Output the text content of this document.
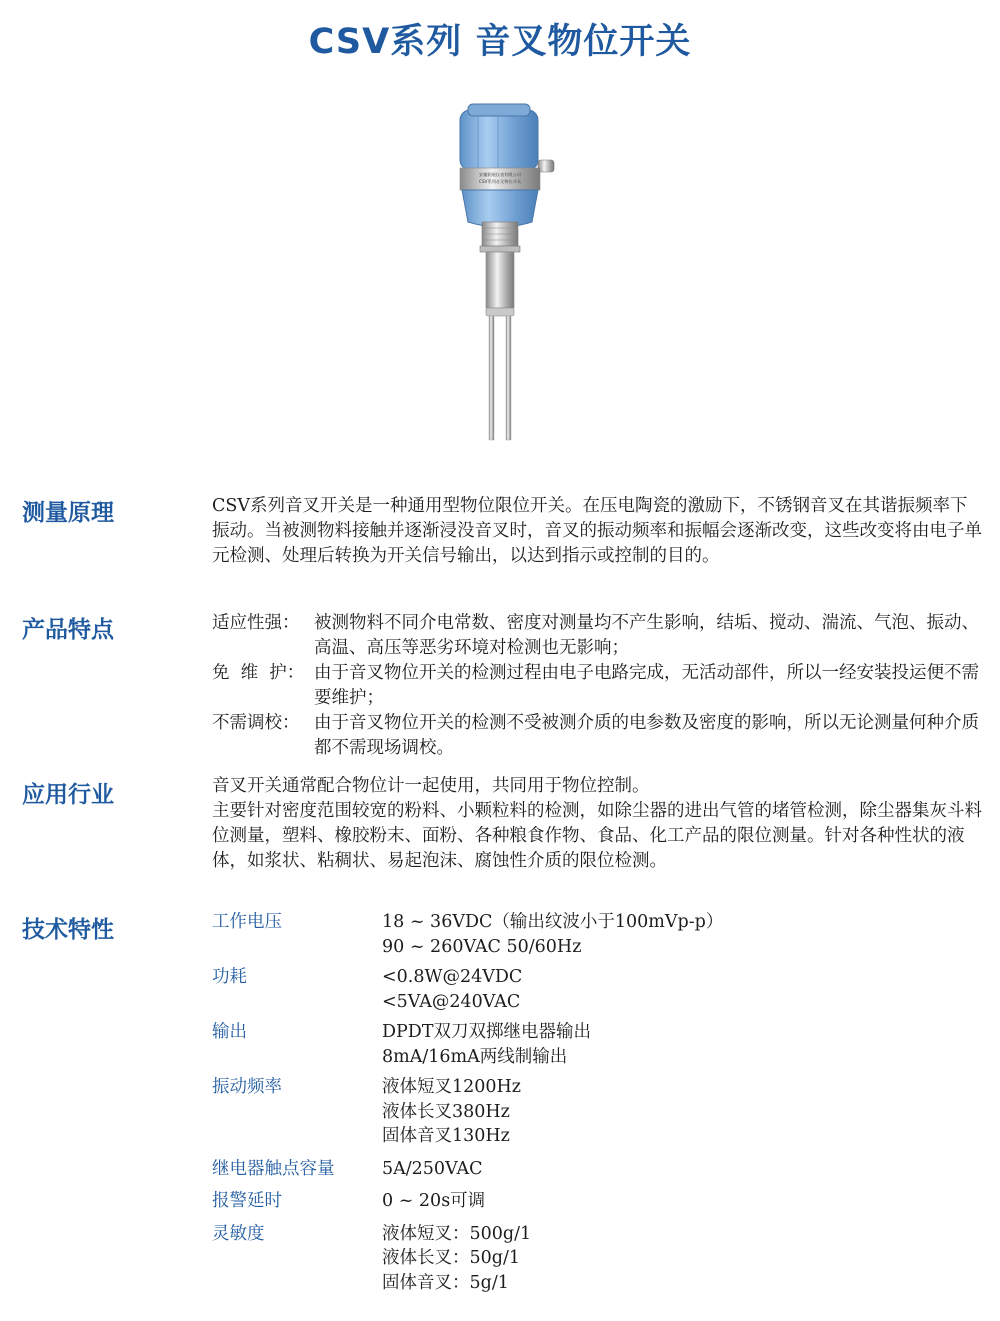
CSV系列 音叉物位开关
安徽润展仪表有限公司
CSV系列音叉物位开关
测量原理	CSV系列音叉开关是一种通用型物位限位开关。在压电陶瓷的激励下，不锈钢音叉在其谐振频率下振动。当被测物料接触并逐渐浸没音叉时，音叉的振动频率和振幅会逐渐改变，这些改变将由电子单元检测、处理后转换为开关信号输出，以达到指示或控制的目的。

产品特点	适应性强： 被测物料不同介电常数、密度对测量均不产生影响，结垢、搅动、湍流、气泡、振动、高温、高压等恶劣环境对检测也无影响；
免  维  护： 由于音叉物位开关的检测过程由电子电路完成，无活动部件，所以一经安装投运便不需要维护；
不需调校： 由于音叉物位开关的检测不受被测介质的电参数及密度的影响，所以无论测量何种介质都不需现场调校。
应用行业	音叉开关通常配合物位计一起使用，共同用于物位控制。

主要针对密度范围较宽的粉料、小颗粒料的检测，如除尘器的进出气管的堵管检测，除尘器集灰斗料位测量，塑料、橡胶粉末、面粉、各种粮食作物、食品、化工产品的限位测量。针对各种性状的液体，如浆状、粘稠状、易起泡沫、腐蚀性介质的限位检测。

技术特性	工作电压	18 ~ 36VDC（输出纹波小于100mVp-p）
90 ~ 260VAC 50/60Hz
功耗	<0.8W@24VDC
<5VA@240VAC
输出	DPDT双刀双掷继电器输出
8mA/16mA两线制输出
振动频率	液体短叉1200Hz
液体长叉380Hz
固体音叉130Hz
继电器触点容量	5A/250VAC
报警延时	0 ~ 20s可调
灵敏度	液体短叉：500g/1
液体长叉：50g/1
固体音叉：5g/1
